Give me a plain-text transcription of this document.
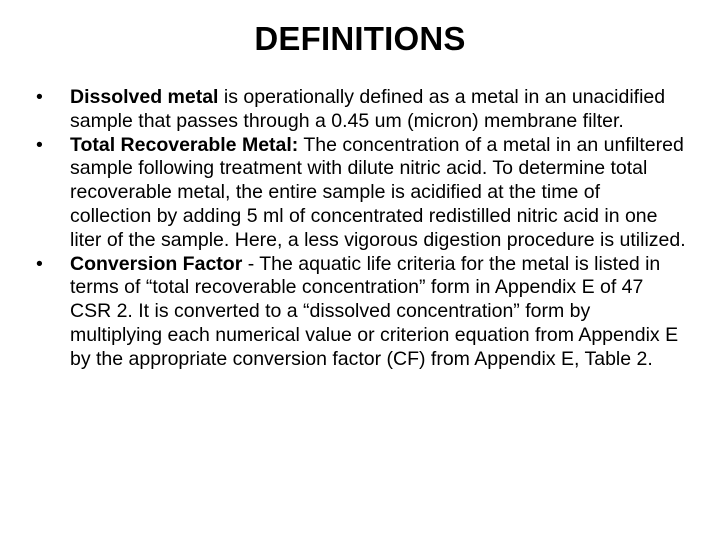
DEFINITIONS
•	Dissolved metal is operationally defined as a metal in an unacidified sample that passes through a 0.45 um (micron) membrane filter.
•	Total Recoverable Metal: The concentration of a metal in an unfiltered sample following treatment with dilute nitric acid. To determine total recoverable metal, the entire sample is acidified at the time of collection by adding 5 ml of concentrated redistilled nitric acid in one liter of the sample. Here, a less vigorous digestion procedure is utilized.
•	Conversion Factor - The aquatic life criteria for the metal is listed in terms of “total recoverable concentration” form in Appendix E of 47 CSR 2. It is converted to a “dissolved concentration” form by multiplying each numerical value or criterion equation from Appendix E by the appropriate conversion factor (CF) from Appendix E, Table 2.
